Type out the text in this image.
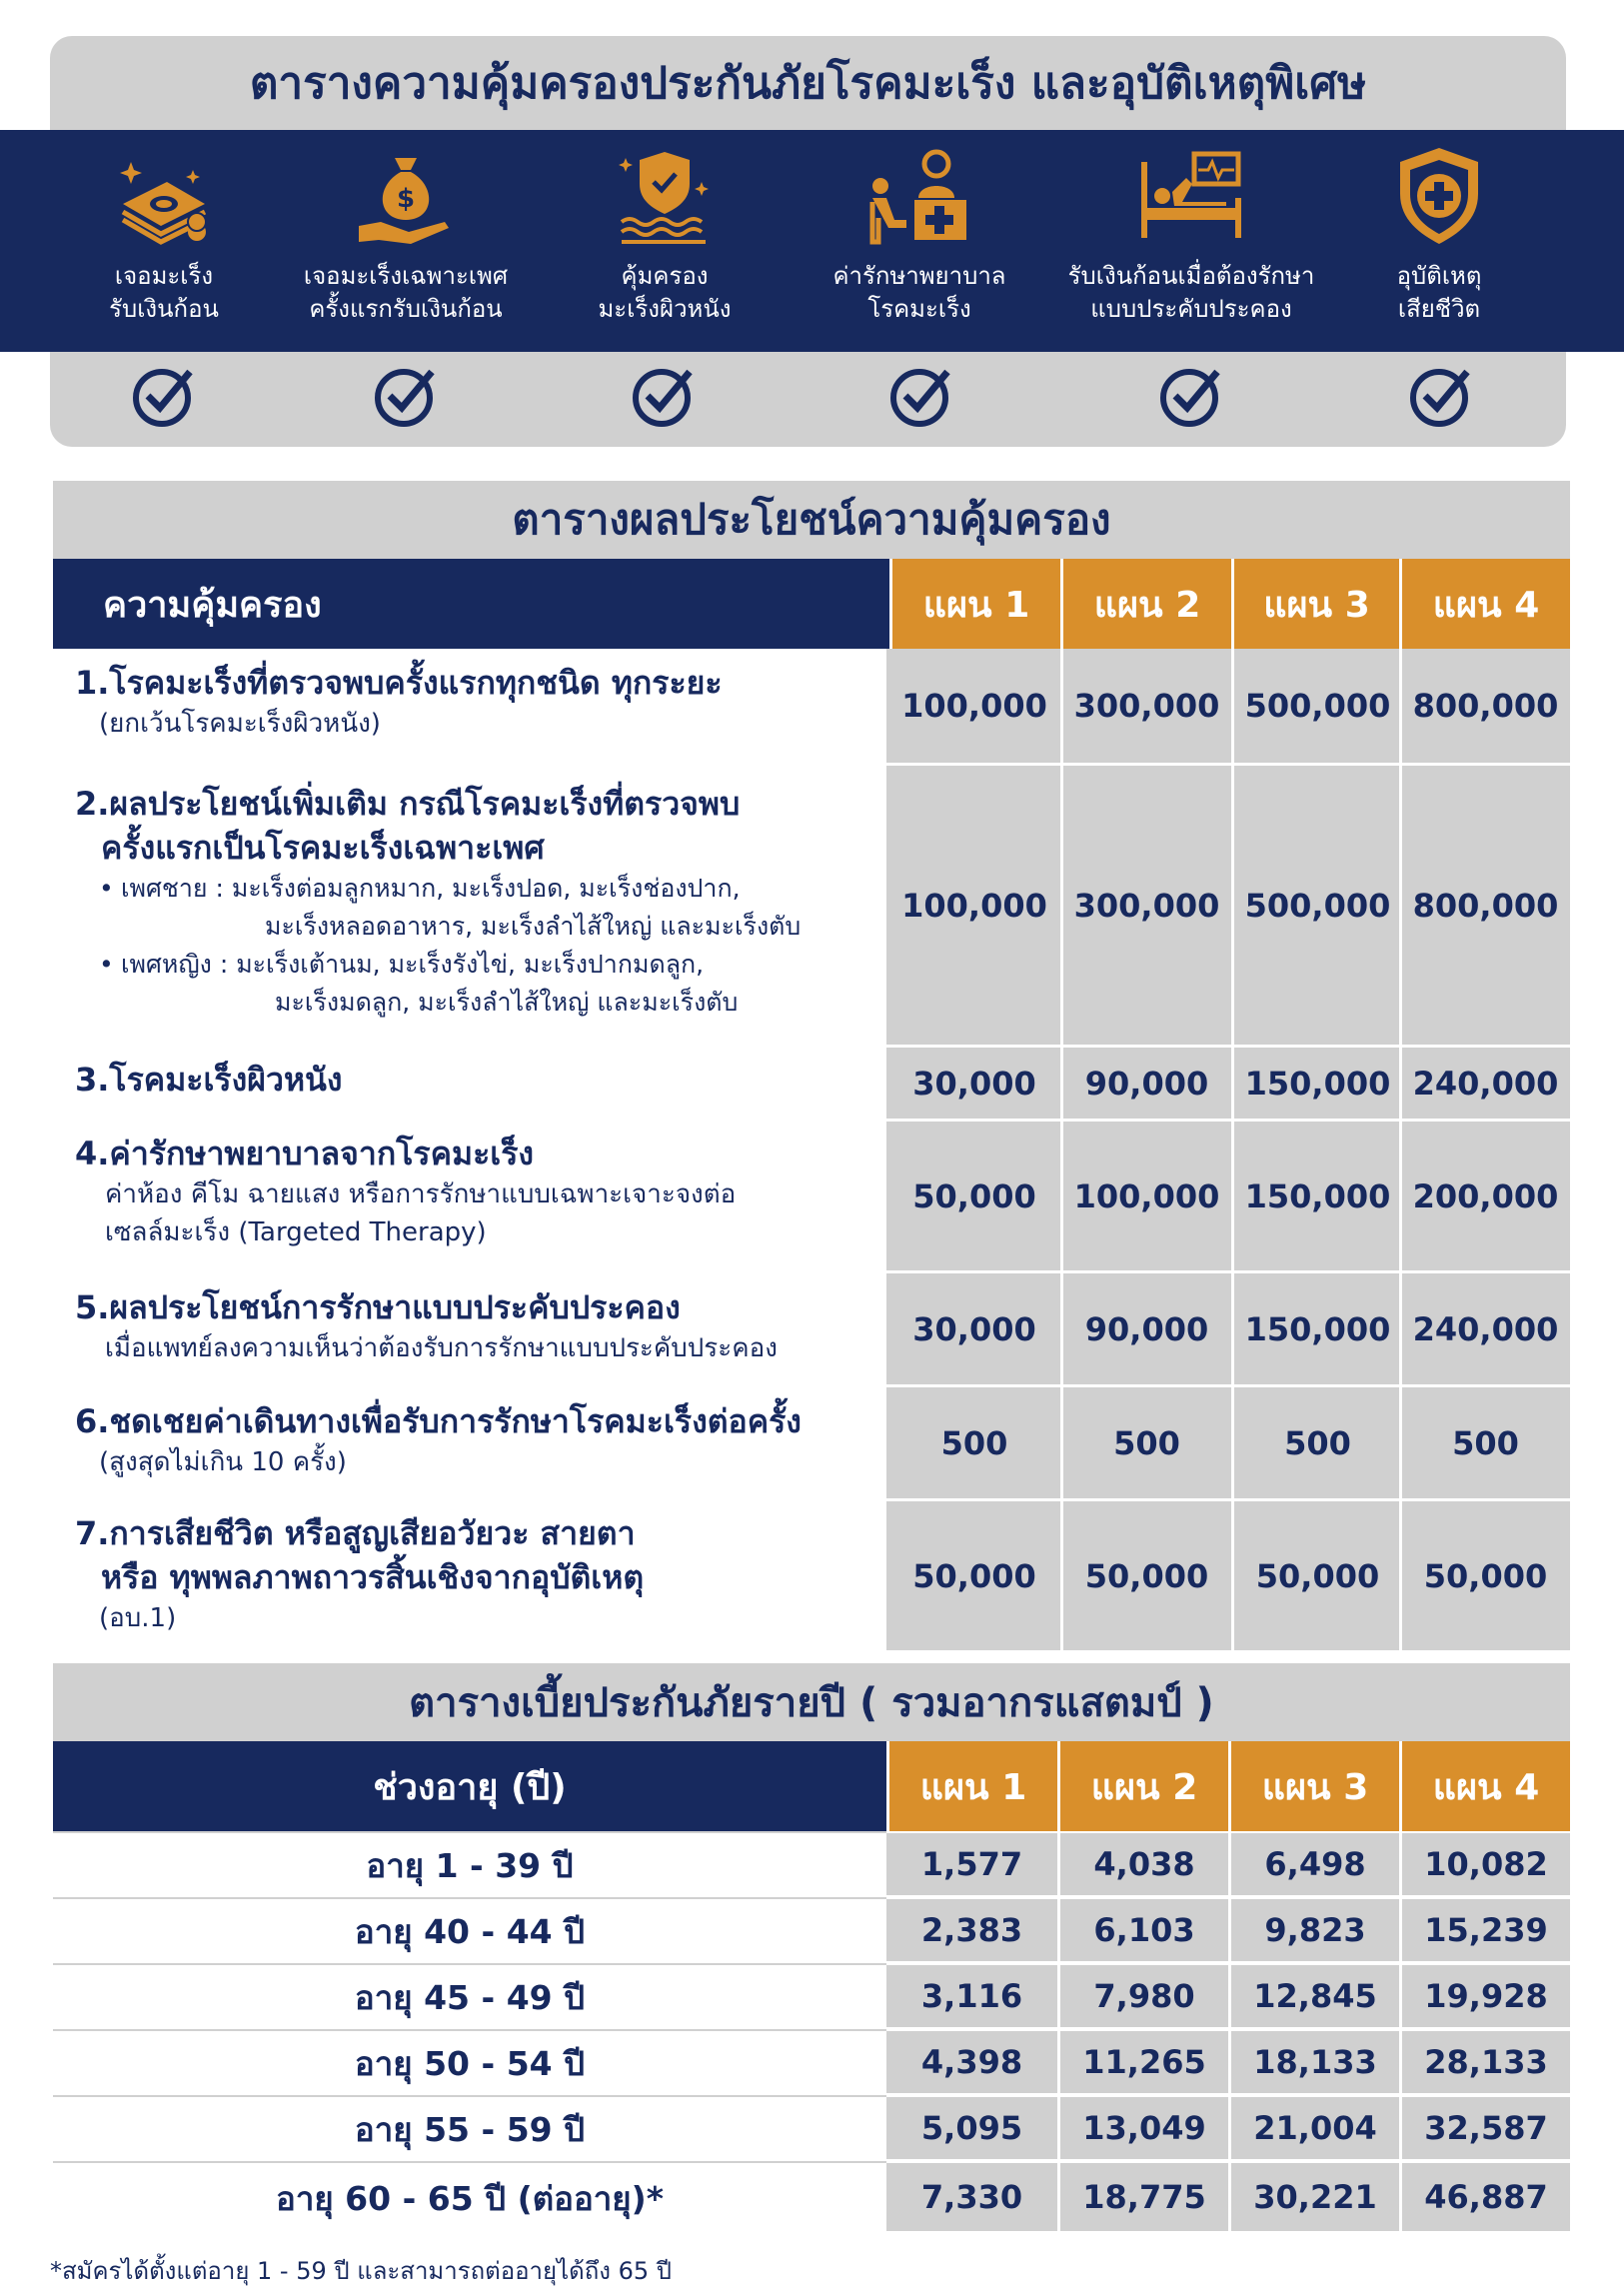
ตารางความคุ้มครองประกันภัยโรคมะเร็ง และอุบัติเหตุพิเศษ
เจอมะเร็ง
รับเงินก้อน
$
เจอมะเร็งเฉพาะเพศ
ครั้งแรกรับเงินก้อน
คุ้มครอง
มะเร็งผิวหนัง
ค่ารักษาพยาบาล
โรคมะเร็ง
รับเงินก้อนเมื่อต้องรักษา
แบบประคับประคอง
อุบัติเหตุ
เสียชีวิต
ตารางผลประโยชน์ความคุ้มครอง
ความคุ้มครอง	แผน 1	แผน 2	แผน 3	แผน 4
1.โรคมะเร็งที่ตรวจพบครั้งแรกทุกชนิด ทุกระยะ
(ยกเว้นโรคมะเร็งผิวหนัง)	100,000 300,000 500,000 800,000
2.ผลประโยชน์เพิ่มเติม กรณีโรคมะเร็งที่ตรวจพบ
ครั้งแรกเป็นโรคมะเร็งเฉพาะเพศ
• เพศชาย : มะเร็งต่อมลูกหมาก, มะเร็งปอด, มะเร็งช่องปาก,
มะเร็งหลอดอาหาร, มะเร็งลำไส้ใหญ่ และมะเร็งตับ
• เพศหญิง : มะเร็งเต้านม, มะเร็งรังไข่, มะเร็งปากมดลูก,
มะเร็งมดลูก, มะเร็งลำไส้ใหญ่ และมะเร็งตับ
100,000 300,000 500,000 800,000
3.โรคมะเร็งผิวหนัง	30,000	90,000	150,000 240,000
4.ค่ารักษาพยาบาลจากโรคมะเร็ง
ค่าห้อง คีโม ฉายแสง หรือการรักษาแบบเฉพาะเจาะจงต่อ
เซลล์มะเร็ง (Targeted Therapy)
50,000	100,000 150,000 200,000
5.ผลประโยชน์การรักษาแบบประคับประคอง
เมื่อแพทย์ลงความเห็นว่าต้องรับการรักษาแบบประคับประคอง
30,000	90,000	150,000 240,000
6.ชดเชยค่าเดินทางเพื่อรับการรักษาโรคมะเร็งต่อครั้ง
(สูงสุดไม่เกิน 10 ครั้ง)
500	500	500	500
7.การเสียชีวิต หรือสูญเสียอวัยวะ สายตา
หรือ ทุพพลภาพถาวรสิ้นเชิงจากอุบัติเหตุ
(อบ.1)
50,000	50,000	50,000	50,000
ตารางเบี้ยประกันภัยรายปี ( รวมอากรแสตมป์ )
ช่วงอายุ (ปี)	แผน 1	แผน 2	แผน 3	แผน 4
อายุ 1 - 39 ปี	1,577	4,038	6,498	10,082
อายุ 40 - 44 ปี	2,383	6,103	9,823	15,239
อายุ 45 - 49 ปี	3,116	7,980	12,845	19,928
อายุ 50 - 54 ปี	4,398	11,265	18,133	28,133
อายุ 55 - 59 ปี	5,095	13,049	21,004	32,587
อายุ 60 - 65 ปี (ต่ออายุ)*	7,330	18,775	30,221	46,887
*สมัครได้ตั้งแต่อายุ 1 - 59 ปี และสามารถต่ออายุได้ถึง 65 ปี
